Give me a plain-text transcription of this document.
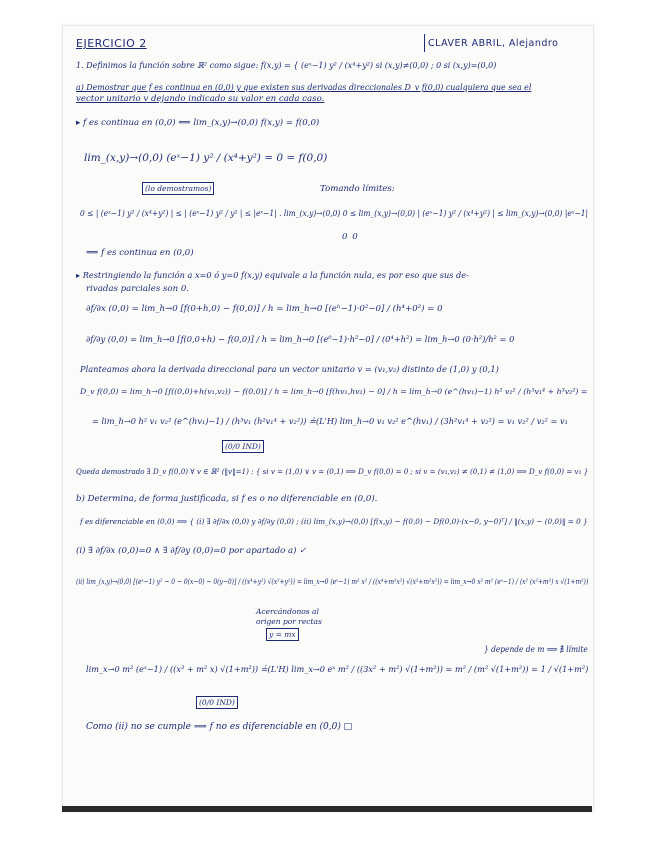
EJERCICIO 2	CLAVER ABRIL, Alejandro
1. Definimos la función sobre ℝ² como sigue: f(x,y) = { (eˣ−1) y² / (x⁴+y²) si (x,y)≠(0,0) ; 0 si (x,y)=(0,0)
a) Demostrar que f es continua en (0,0) y que existen sus derivadas direccionales D_v f(0,0) cualquiera que sea el
vector unitario v dejando indicado su valor en cada caso.
▸ f es continua en (0,0) ⟺ lim_(x,y)→(0,0) f(x,y) = f(0,0)
lim_(x,y)→(0,0) (eˣ−1) y² / (x⁴+y²) = 0 = f(0,0)
(lo demostramos)	Tomando límites:
0 ≤ | (eˣ−1) y² / (x⁴+y²) | ≤ | (eˣ−1) y² / y² | ≤ |eˣ−1| . lim_(x,y)→(0,0) 0 ≤ lim_(x,y)→(0,0) | (eˣ−1) y² / (x⁴+y²) | ≤ lim_(x,y)→(0,0) |eˣ−1|
0 0
⟹ f es continua en (0,0)
▸ Restringiendo la función a x=0 ó y=0 f(x,y) equivale a la función nula, es por eso que sus de-
rivadas parciales son 0.
∂f/∂x (0,0) = lim_h→0 [f(0+h,0) − f(0,0)] / h = lim_h→0 [(eʰ−1)·0²−0] / (h⁴+0²) = 0
∂f/∂y (0,0) = lim_h→0 [f(0,0+h) − f(0,0)] / h = lim_h→0 [(e⁰−1)·h²−0] / (0⁴+h²) = lim_h→0 (0·h²)/h² = 0
Planteamos ahora la derivada direccional para un vector unitario v = (v₁,v₂) distinto de (1,0) y (0,1)
D_v f(0,0) = lim_h→0 [f((0,0)+h(v₁,v₂)) − f(0,0)] / h = lim_h→0 [f(hv₁,hv₂) − 0] / h = lim_h→0 (e^(hv₁)−1) h² v₂² / (h⁵v₁⁴ + h³v₂²) =
= lim_h→0 h² v₁ v₂² (e^(hv₁)−1) / (h³v₁ (h²v₁⁴ + v₂²)) ≟(L'H) lim_h→0 v₁ v₂² e^(hv₁) / (3h²v₁⁴ + v₂²) = v₁ v₂² / v₂² = v₁
(0/0 IND)
Queda demostrado ∃ D_v f(0,0) ∀ v ∈ ℝ² (‖v‖=1) : { si v = (1,0) ∨ v = (0,1) ⟹ D_v f(0,0) = 0 ; si v = (v₁,v₂) ≠ (0,1) ≠ (1,0) ⟹ D_v f(0,0) = v₁ }
b) Determina, de forma justificada, si f es o no diferenciable en (0,0).
f es diferenciable en (0,0) ⟹ { (i) ∃ ∂f/∂x (0,0) y ∂f/∂y (0,0) ; (ii) lim_(x,y)→(0,0) [f(x,y) − f(0,0) − Df(0,0)·(x−0, y−0)ᵀ] / ‖(x,y) − (0,0)‖ = 0 }
(i) ∃ ∂f/∂x (0,0)=0 ∧ ∃ ∂f/∂y (0,0)=0 por apartado a) ✓
(ii) lim_(x,y)→(0,0) [(eˣ−1) y² − 0 − 0(x−0) − 0(y−0)] / ((x⁴+y²) √(x²+y²)) = lim_x→0 (eˣ−1) m² x² / ((x⁴+m²x²) √(x²+m²x²)) = lim_x→0 x² m² (eˣ−1) / (x² (x²+m²) x √(1+m²))
Acercándonos al
origen por rectas
y = mx
lim_x→0 m² (eˣ−1) / ((x³ + m² x) √(1+m²)) ≟(L'H) lim_x→0 eˣ m² / ((3x² + m²) √(1+m²)) = m² / (m² √(1+m²)) = 1 / √(1+m²)
} depende de m ⟹ ∄ límite
(0/0 IND)
Como (ii) no se cumple ⟹ f no es diferenciable en (0,0) □
